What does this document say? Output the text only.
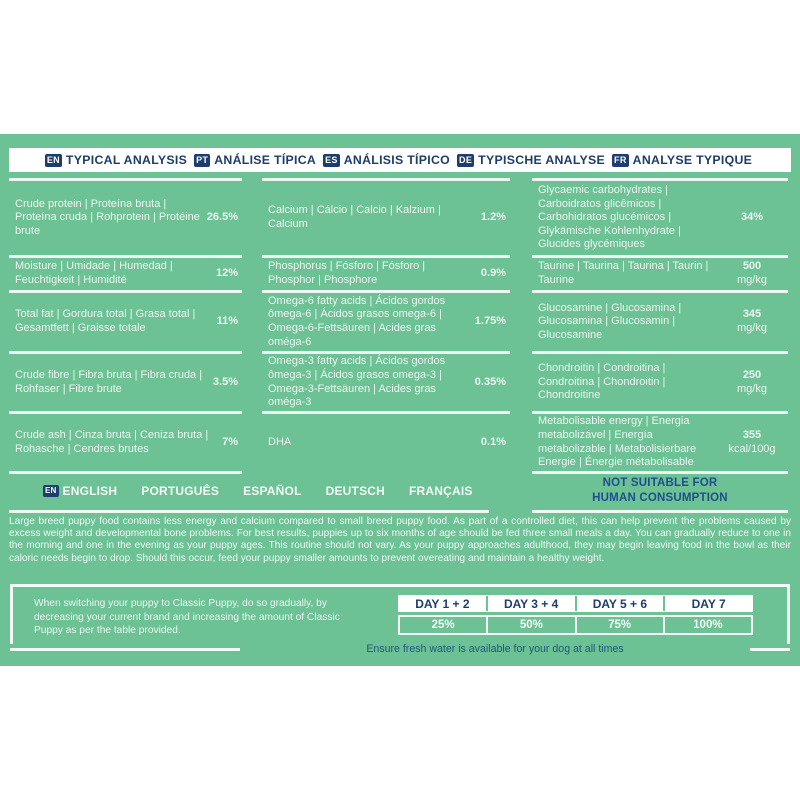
EN TYPICAL ANALYSIS PT ANÁLISE TÍPICA ES ANÁLISIS TÍPICO DE TYPISCHE ANALYSE FR ANALYSE TYPIQUE
Crude protein | Proteína bruta | Proteína cruda | Rohprotein | Protéine brute
26.5%
Moisture | Umidade | Humedad | Feuchtigkeit | Humidité
12%
Total fat | Gordura total | Grasa total | Gesamtfett | Graisse totale
11%
Crude fibre | Fibra bruta | Fibra cruda | Rohfaser | Fibre brute
3.5%
Crude ash | Cinza bruta | Ceniza bruta | Rohasche | Cendres brutes
7%
Calcium | Cálcio | Calcio | Kalzium | Calcium
1.2%
Phosphorus | Fósforo | Fósforo | Phosphor | Phosphore
0.9%
Omega-6 fatty acids | Ácidos gordos ômega-6 | Ácidos grasos omega-6 | Omega-6-Fettsäuren | Acides gras oméga-6
1.75%
Omega-3 fatty acids | Ácidos gordos ômega-3 | Ácidos grasos omega-3 | Omega-3-Fettsäuren | Acides gras oméga-3
0.35%
DHA	0.1%
Glycaemic carbohydrates | Carboidratos glicêmicos | Carbohidratos glucémicos | Glykämische Kohlenhydrate | Glucides glycémiques
34%
Taurine | Taurina | Taurina | Taurin | Taurine
500
mg/kg
Glucosamine | Glucosamina | Glucosamina | Glucosamin | Glucosamine
345
mg/kg
Chondroitin | Condroitina | Condroitina | Chondroitin | Chondroitine
250
mg/kg
Metabolisable energy | Energia metabolizável | Energía metabolizable | Metabolisierbare Energie | Énergie métabolisable
355
kcal/100g
EN ENGLISH PORTUGUÊS ESPAÑOL DEUTSCH FRANÇAIS
NOT SUITABLE FOR
HUMAN CONSUMPTION
Large breed puppy food contains less energy and calcium compared to small breed puppy food. As part of a controlled diet, this can help prevent the problems caused by excess weight and developmental bone problems. For best results, puppies up to six months of age should be fed three small meals a day. You can gradually reduce to one in the morning and one in the evening as your puppy ages. This routine should not vary. As your puppy approaches adulthood, they may begin leaving food in the bowl as their caloric needs begin to drop. Should this occur, feed your puppy smaller amounts to prevent overeating and maintain a healthy weight.
When switching your puppy to Classic Puppy, do so gradually, by decreasing your current brand and increasing the amount of Classic Puppy as per the table provided.
DAY 1 + 2	DAY 3 + 4	DAY 5 + 6	DAY 7
25%	50%	75%	100%
Ensure fresh water is available for your dog at all times
